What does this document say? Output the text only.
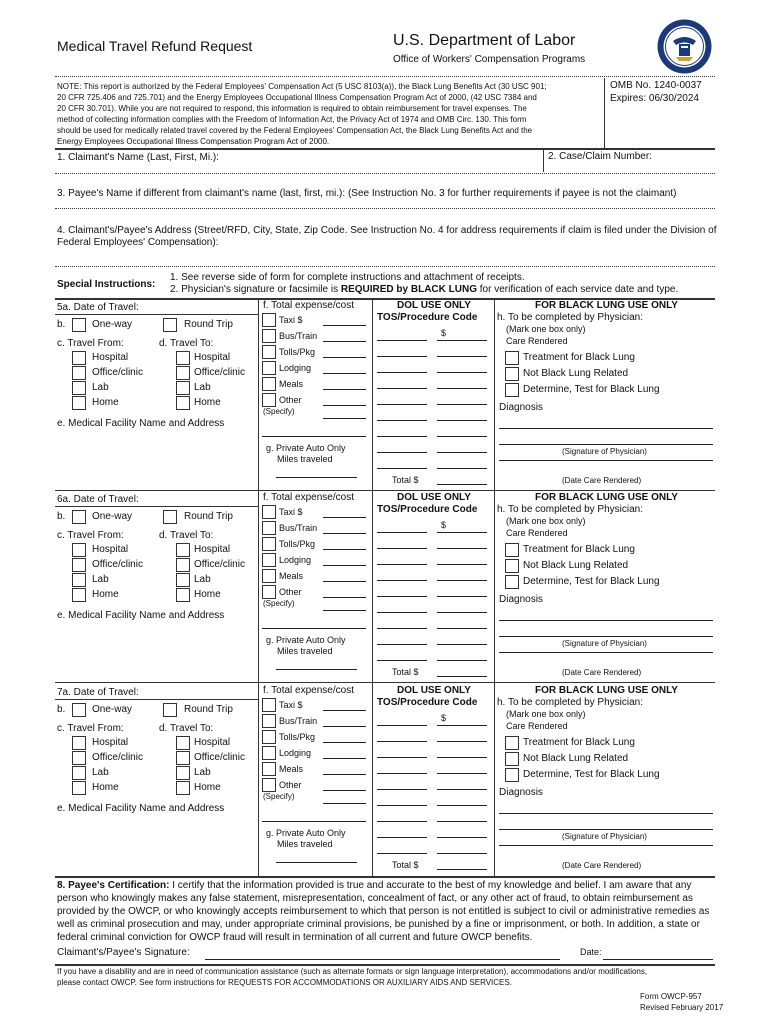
Medical Travel Refund Request	U.S. Department of Labor
Office of Workers' Compensation Programs
NOTE: This report is authorized by the Federal Employees' Compensation Act (5 USC 8103(a)), the Black Lung Benefits Act (30 USC 901;
20 CFR 725.406 and 725.701) and the Energy Employees Occupational Illness Compensation Program Act of 2000, (42 USC 7384 and
20 CFR 30.701). While you are not required to respond, this information is required to obtain reimbursement for travel expenses. The
method of collecting information complies with the Freedom of Information Act, the Privacy Act of 1974 and OMB Circ. 130. This form
should be used for medically related travel covered by the Federal Employees' Compensation Act, the Black Lung Benefits Act and the
Energy Employees Occupational Illness Compensation Program Act of 2000.
OMB No. 1240-0037
Expires: 06/30/2024
1. Claimant's Name (Last, First, Mi.):	2. Case/Claim Number:
3. Payee's Name if different from claimant's name (last, first, mi.): (See Instruction No. 3 for further requirements if payee is not the claimant)
4. Claimant's/Payee's Address (Street/RFD, City, State, Zip Code. See Instruction No. 4 for address requirements if claim is filed under the Division of
Federal Employees' Compensation):
Special Instructions:
1. See reverse side of form for complete instructions and attachment of receipts.
2. Physician's signature or facsimile is REQUIRED by BLACK LUNG for verification of each service date and type.
5a. Date of Travel:
b.	One-way	Round Trip
c. Travel From:	d. Travel To:
Hospital	Hospital
Office/clinic	Office/clinic
Lab	Lab
Home	Home
e. Medical Facility Name and Address
f. Total expense/cost
Taxi $
Bus/Train
Tolls/Pkg
Lodging
Meals
Other
(Specify)
g. Private Auto Only
Miles traveled
DOL USE ONLY
TOS/Procedure Code
$
Total $
FOR BLACK LUNG USE ONLY
h. To be completed by Physician:
(Mark one box only)
Care Rendered
Treatment for Black Lung
Not Black Lung Related
Determine, Test for Black Lung
Diagnosis
(Signature of Physician)
(Date Care Rendered)
6a. Date of Travel:
b.	One-way	Round Trip
c. Travel From:	d. Travel To:
Hospital	Hospital
Office/clinic	Office/clinic
Lab	Lab
Home	Home
e. Medical Facility Name and Address
f. Total expense/cost
Taxi $
Bus/Train
Tolls/Pkg
Lodging
Meals
Other
(Specify)
g. Private Auto Only
Miles traveled
DOL USE ONLY
TOS/Procedure Code
$
Total $
FOR BLACK LUNG USE ONLY
h. To be completed by Physician:
(Mark one box only)
Care Rendered
Treatment for Black Lung
Not Black Lung Related
Determine, Test for Black Lung
Diagnosis
(Signature of Physician)
(Date Care Rendered)
7a. Date of Travel:
b.	One-way	Round Trip
c. Travel From:	d. Travel To:
Hospital	Hospital
Office/clinic	Office/clinic
Lab	Lab
Home	Home
e. Medical Facility Name and Address
f. Total expense/cost
Taxi $
Bus/Train
Tolls/Pkg
Lodging
Meals
Other
(Specify)
g. Private Auto Only
Miles traveled
DOL USE ONLY
TOS/Procedure Code
$
Total $
FOR BLACK LUNG USE ONLY
h. To be completed by Physician:
(Mark one box only)
Care Rendered
Treatment for Black Lung
Not Black Lung Related
Determine, Test for Black Lung
Diagnosis
(Signature of Physician)
(Date Care Rendered)
8. Payee's Certification: I certify that the information provided is true and accurate to the best of my knowledge and belief. I am aware that any
person who knowingly makes any false statement, misrepresentation, concealment of fact, or any other act of fraud, to obtain reimbursement as
provided by the OWCP, or who knowingly accepts reimbursement to which that person is not entitled is subject to civil or administrative remedies as
well as criminal prosecution and may, under appropriate criminal provisions, be punished by a fine or imprisonment, or both. In addition, a state or
federal criminal conviction for OWCP fraud will result in termination of all current and future OWCP benefits.
Claimant's/Payee's Signature:	Date:
If you have a disability and are in need of communication assistance (such as alternate formats or sign language interpretation), accommodations and/or modifications,
please contact OWCP. See form instructions for REQUESTS FOR ACCOMMODATIONS OR AUXILIARY AIDS AND SERVICES.
Form OWCP-957
Revised February 2017
